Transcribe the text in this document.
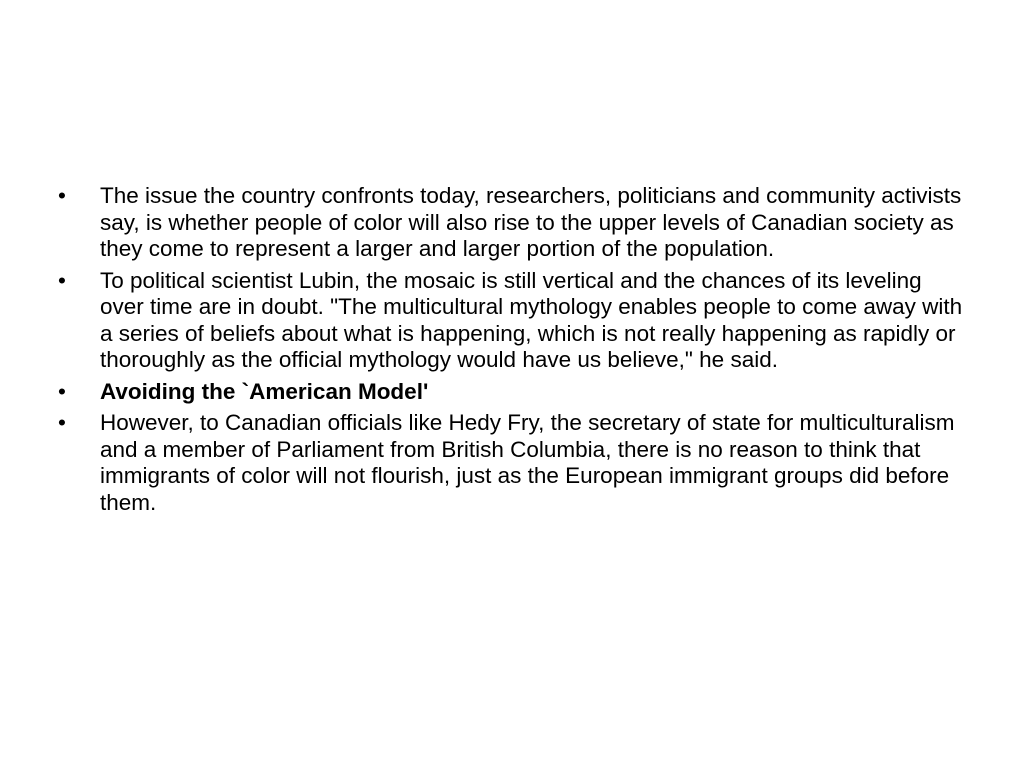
•	The issue the country confronts today, researchers, politicians and community activists say, is whether people of color will also rise to the upper levels of Canadian society as they come to represent a larger and larger portion of the population.
•	To political scientist Lubin, the mosaic is still vertical and the chances of its leveling over time are in doubt. "The multicultural mythology enables people to come away with a series of beliefs about what is happening, which is not really happening as rapidly or thoroughly as the official mythology would have us believe," he said.
•	Avoiding the `American Model'
•	However, to Canadian officials like Hedy Fry, the secretary of state for multiculturalism and a member of Parliament from British Columbia, there is no reason to think that immigrants of color will not flourish, just as the European immigrant groups did before them.
